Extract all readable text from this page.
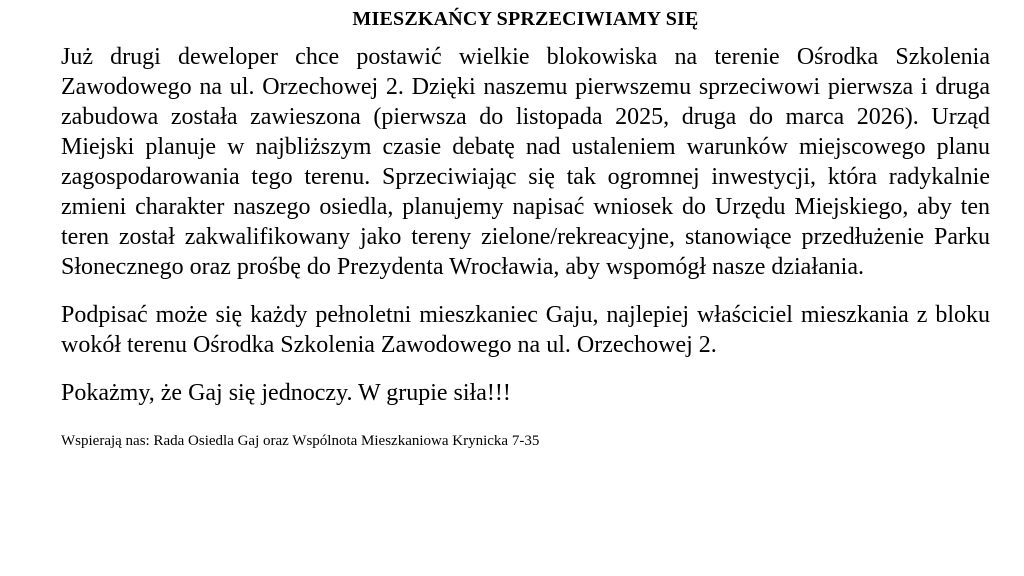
MIESZKAŃCY SPRZECIWIAMY SIĘ

Już drugi deweloper chce postawić wielkie blokowiska na terenie Ośrodka Szkolenia Zawodowego na ul. Orzechowej 2. Dzięki naszemu pierwszemu sprzeciwowi pierwsza i druga zabudowa została zawieszona (pierwsza do listopada 2025, druga do marca 2026). Urząd Miejski planuje w najbliższym czasie debatę nad ustaleniem warunków miejscowego planu zagospodarowania tego terenu. Sprzeciwiając się tak ogromnej inwestycji, która radykalnie zmieni charakter naszego osiedla, planujemy napisać wniosek do Urzędu Miejskiego, aby ten teren został zakwalifikowany jako tereny zielone/rekreacyjne, stanowiące przedłużenie Parku Słonecznego oraz prośbę do Prezydenta Wrocławia, aby wspomógł nasze działania.

Podpisać może się każdy pełnoletni mieszkaniec Gaju, najlepiej właściciel mieszkania z bloku wokół terenu Ośrodka Szkolenia Zawodowego na ul. Orzechowej 2.

Pokażmy, że Gaj się jednoczy. W grupie siła!!!

Wspierają nas: Rada Osiedla Gaj oraz Wspólnota Mieszkaniowa Krynicka 7-35
